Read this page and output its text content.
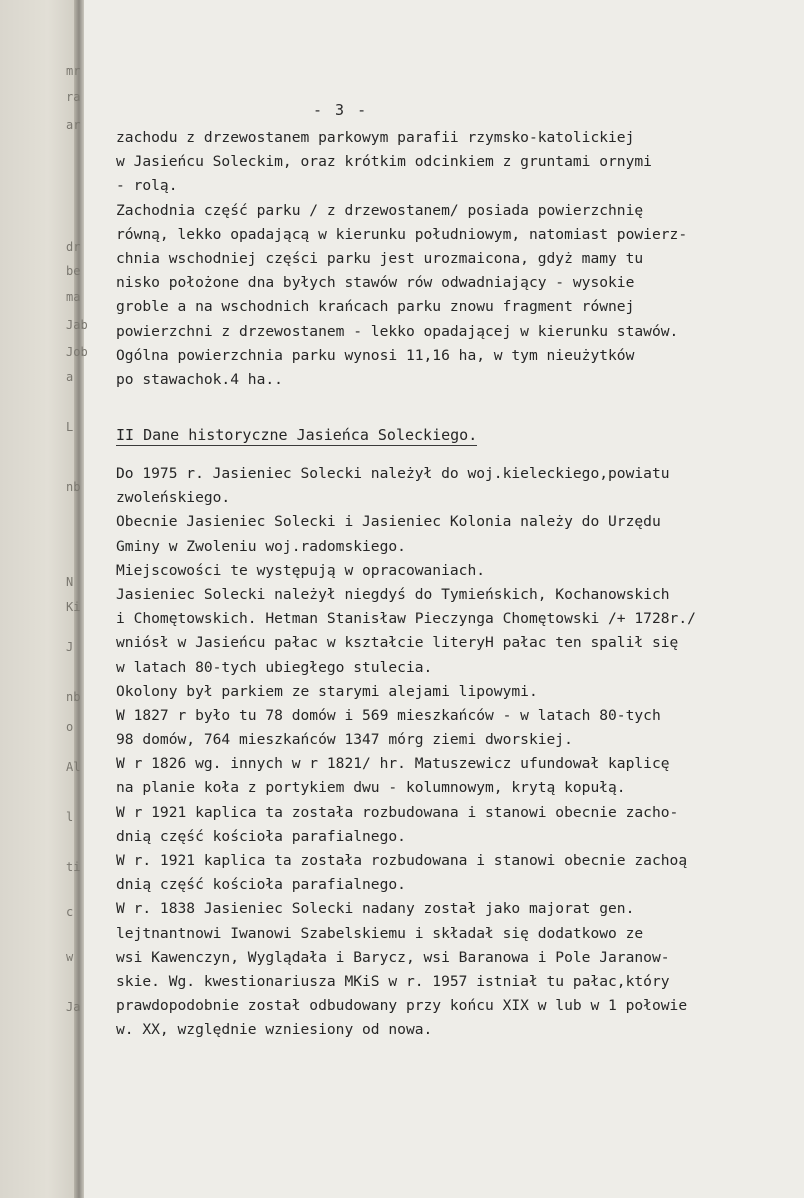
mr
ra
ar
dr
be
ma
Jab
Job
a
L
nb
N
Ki
J
nb
o
Al
l
ti
c
w
Ja
- 3 -
zachodu z drzewostanem parkowym parafii rzymsko-katolickiej
w Jasieńcu Soleckim, oraz krótkim odcinkiem z gruntami ornymi
- rolą.
Zachodnia część parku / z drzewostanem/ posiada powierzchnię
równą, lekko opadającą w kierunku południowym, natomiast powierz-
chnia wschodniej części parku jest urozmaicona, gdyż mamy tu
nisko położone dna byłych stawów rów odwadniający - wysokie
groble a na wschodnich krańcach parku znowu fragment równej
powierzchni z drzewostanem - lekko opadającej w kierunku stawów.
Ogólna powierzchnia parku wynosi 11,16 ha, w tym nieużytków
po stawachok.4 ha..
II Dane historyczne Jasieńca Soleckiego.
Do 1975 r. Jasieniec Solecki należył do woj.kieleckiego,powiatu
zwoleńskiego.
Obecnie Jasieniec Solecki i Jasieniec Kolonia należy do Urzędu
Gminy w Zwoleniu woj.radomskiego.
Miejscowości te występują w opracowaniach.
Jasieniec Solecki należył niegdyś do Tymieńskich, Kochanowskich
i Chomętowskich. Hetman Stanisław Pieczynga Chomętowski /+ 1728r./
wniósł w Jasieńcu pałac w kształcie literyH pałac ten spalił się
w latach 80-tych ubiegłego stulecia.
Okolony był parkiem ze starymi alejami lipowymi.
W 1827 r było tu 78 domów i 569 mieszkańców - w latach 80-tych
98 domów, 764 mieszkańców 1347 mórg ziemi dworskiej.
W r 1826 wg. innych w r 1821/ hr. Matuszewicz ufundował kaplicę
na planie koła z portykiem dwu - kolumnowym, krytą kopułą.
W r 1921 kaplica ta została rozbudowana i stanowi obecnie zacho-
dnią część kościoła parafialnego.
W r. 1921 kaplica ta została rozbudowana i stanowi obecnie zachoą
dnią część kościoła parafialnego.
W r. 1838 Jasieniec Solecki nadany został jako majorat gen.
lejtnantnowi Iwanowi Szabelskiemu i składał się dodatkowo ze
wsi Kawenczyn, Wyglądała i Barycz, wsi Baranowa i Pole Jaranow-
skie. Wg. kwestionariusza MKiS w r. 1957 istniał tu pałac,który
prawdopodobnie został odbudowany przy końcu XIX w lub w 1 połowie
w. XX, względnie wzniesiony od nowa.
